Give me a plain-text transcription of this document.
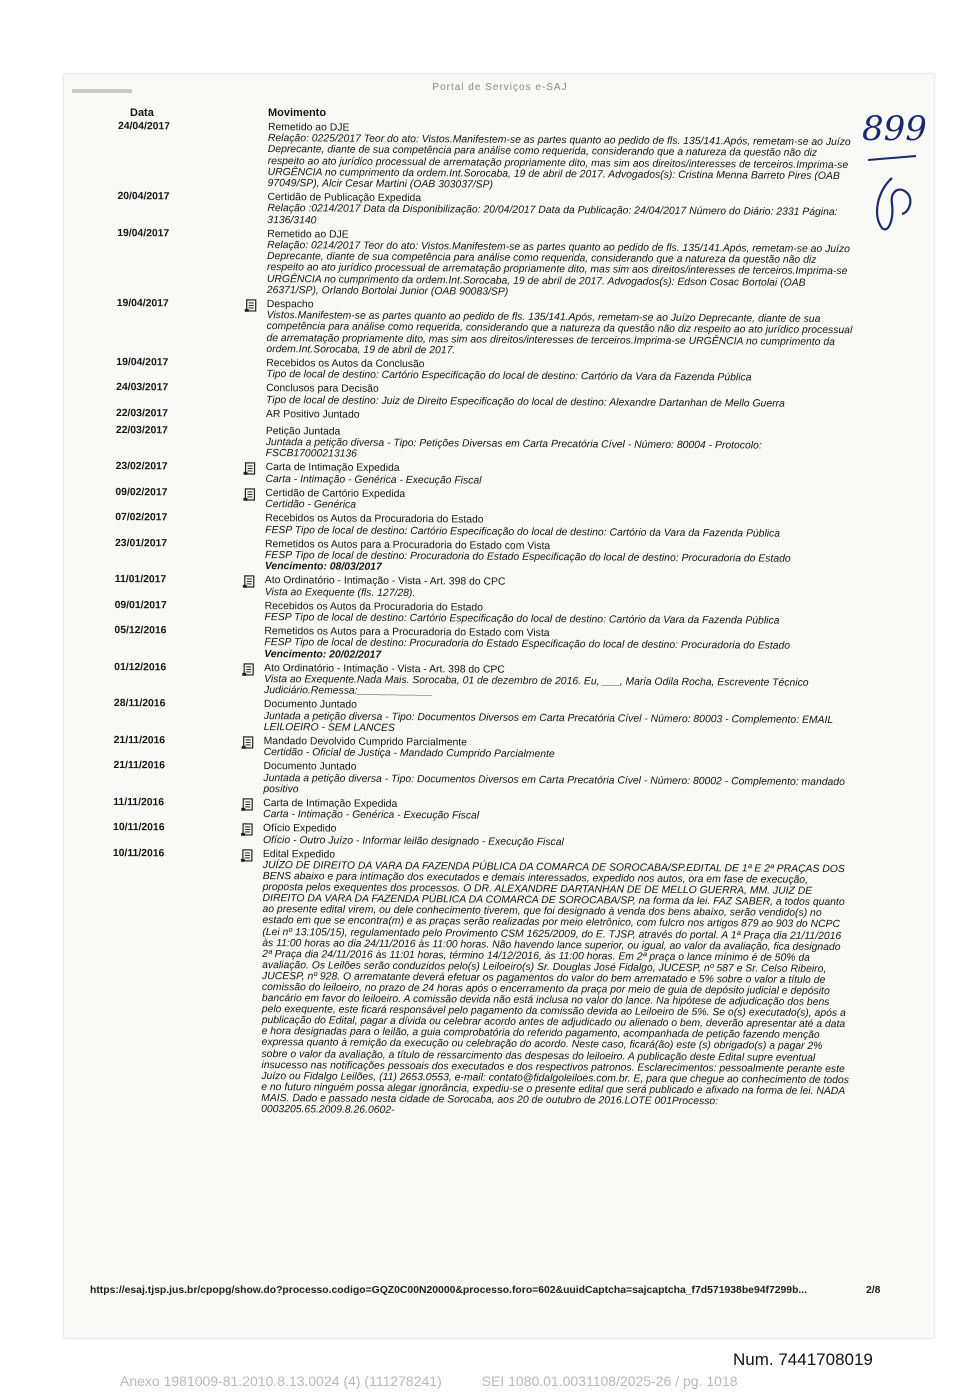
Portal de Serviços e-SAJ
Data	Movimento
24/04/2017	Remetido ao DJE
Relação: 0225/2017 Teor do ato: Vistos.Manifestem-se as partes quanto ao pedido de fls. 135/141.Após, remetam-se ao Juízo Deprecante, diante de sua competência para análise como requerida, considerando que a natureza da questão não diz respeito ao ato jurídico processual de arrematação propriamente dito, mas sim aos direitos/interesses de terceiros.Imprima-se URGÊNCIA no cumprimento da ordem.Int.Sorocaba, 19 de abril de 2017. Advogados(s): Cristina Menna Barreto Pires (OAB 97049/SP), Alcir Cesar Martini (OAB 303037/SP)
20/04/2017	Certidão de Publicação Expedida
Relação :0214/2017 Data da Disponibilização: 20/04/2017 Data da Publicação: 24/04/2017 Número do Diário: 2331 Página: 3136/3140
19/04/2017	Remetido ao DJE
Relação: 0214/2017 Teor do ato: Vistos.Manifestem-se as partes quanto ao pedido de fls. 135/141.Após, remetam-se ao Juízo Deprecante, diante de sua competência para análise como requerida, considerando que a natureza da questão não diz respeito ao ato jurídico processual de arrematação propriamente dito, mas sim aos direitos/interesses de terceiros.Imprima-se URGÊNCIA no cumprimento da ordem.Int.Sorocaba, 19 de abril de 2017. Advogados(s): Edson Cosac Bortolai (OAB 26371/SP), Orlando Bortolai Junior (OAB 90083/SP)
19/04/2017	Despacho
Vistos.Manifestem-se as partes quanto ao pedido de fls. 135/141.Após, remetam-se ao Juízo Deprecante, diante de sua competência para análise como requerida, considerando que a natureza da questão não diz respeito ao ato jurídico processual de arrematação propriamente dito, mas sim aos direitos/interesses de terceiros.Imprima-se URGÊNCIA no cumprimento da ordem.Int.Sorocaba, 19 de abril de 2017.
19/04/2017	Recebidos os Autos da Conclusão
Tipo de local de destino: Cartório Especificação do local de destino: Cartório da Vara da Fazenda Pública
24/03/2017	Conclusos para Decisão
Tipo de local de destino: Juiz de Direito Especificação do local de destino: Alexandre Dartanhan de Mello Guerra
22/03/2017	AR Positivo Juntado
22/03/2017	Petição Juntada
Juntada a petição diversa - Tipo: Petições Diversas em Carta Precatória Cível - Número: 80004 - Protocolo: FSCB17000213136
23/02/2017	Carta de Intimação Expedida
Carta - Intimação - Genérica - Execução Fiscal
09/02/2017	Certidão de Cartório Expedida
Certidão - Genérica
07/02/2017	Recebidos os Autos da Procuradoria do Estado
FESP Tipo de local de destino: Cartório Especificação do local de destino: Cartório da Vara da Fazenda Pública
23/01/2017	Remetidos os Autos para a Procuradoria do Estado com Vista
FESP Tipo de local de destino: Procuradoria do Estado Especificação do local de destino: Procuradoria do Estado
Vencimento: 08/03/2017
11/01/2017	Ato Ordinatório - Intimação - Vista - Art. 398 do CPC
Vista ao Exequente (fls. 127/28).
09/01/2017	Recebidos os Autos da Procuradoria do Estado
FESP Tipo de local de destino: Cartório Especificação do local de destino: Cartório da Vara da Fazenda Pública
05/12/2016	Remetidos os Autos para a Procuradoria do Estado com Vista
FESP Tipo de local de destino: Procuradoria do Estado Especificação do local de destino: Procuradoria do Estado
Vencimento: 20/02/2017
01/12/2016	Ato Ordinatório - Intimação - Vista - Art. 398 do CPC
Vista ao Exequente.Nada Mais. Sorocaba, 01 de dezembro de 2016. Eu, ___, Maria Odila Rocha, Escrevente Técnico Judiciário.Remessa:_____________
28/11/2016	Documento Juntado
Juntada a petição diversa - Tipo: Documentos Diversos em Carta Precatória Cível - Número: 80003 - Complemento: EMAIL LEILOEIRO - SEM LANCES
21/11/2016	Mandado Devolvido Cumprido Parcialmente
Certidão - Oficial de Justiça - Mandado Cumprido Parcialmente
21/11/2016	Documento Juntado
Juntada a petição diversa - Tipo: Documentos Diversos em Carta Precatória Cível - Número: 80002 - Complemento: mandado positivo
11/11/2016	Carta de Intimação Expedida
Carta - Intimação - Genérica - Execução Fiscal
10/11/2016	Ofício Expedido
Ofício - Outro Juízo - Informar leilão designado - Execução Fiscal
10/11/2016	Edital Expedido
JUÍZO DE DIREITO DA VARA DA FAZENDA PÚBLICA DA COMARCA DE SOROCABA/SP.EDITAL DE 1ª E 2ª PRAÇAS DOS BENS abaixo e para intimação dos executados e demais interessados, expedido nos autos, ora em fase de execução, proposta pelos exequentes dos processos. O DR. ALEXANDRE DARTANHAN DE DE MELLO GUERRA, MM. JUIZ DE DIREITO DA VARA DA FAZENDA PÚBLICA DA COMARCA DE SOROCABA/SP, na forma da lei. FAZ SABER, a todos quanto ao presente edital virem, ou dele conhecimento tiverem, que foi designado à venda dos bens abaixo, serão vendido(s) no estado em que se encontra(m) e as praças serão realizadas por meio eletrônico, com fulcro nos artigos 879 ao 903 do NCPC (Lei nº 13.105/15), regulamentado pelo Provimento CSM 1625/2009, do E. TJSP, através do portal. A 1ª Praça dia 21/11/2016 às 11:00 horas ao dia 24/11/2016 às 11:00 horas. Não havendo lance superior, ou igual, ao valor da avaliação, fica designado 2ª Praça dia 24/11/2016 às 11:01 horas, término 14/12/2016, às 11:00 horas. Em 2ª praça o lance mínimo é de 50% da avaliação. Os Leilões serão conduzidos pelo(s) Leiloeiro(s) Sr. Douglas José Fidalgo, JUCESP, nº 587 e Sr. Celso Ribeiro, JUCESP, nº 928. O arrematante deverá efetuar os pagamentos do valor do bem arrematado e 5% sobre o valor a título de comissão do leiloeiro, no prazo de 24 horas após o encerramento da praça por meio de guia de depósito judicial e depósito bancário em favor do leiloeiro. A comissão devida não está inclusa no valor do lance. Na hipótese de adjudicação dos bens pelo exequente, este ficará responsável pelo pagamento da comissão devida ao Leiloeiro de 5%. Se o(s) executado(s), após a publicação do Edital, pagar a dívida ou celebrar acordo antes de adjudicado ou alienado o bem, deverão apresentar até a data e hora designadas para o leilão, a guia comprobatória do referido pagamento, acompanhada de petição fazendo menção expressa quanto à remição da execução ou celebração do acordo. Neste caso, ficará(ão) este (s) obrigado(s) a pagar 2% sobre o valor da avaliação, a título de ressarcimento das despesas do leiloeiro. A publicação deste Edital supre eventual insucesso nas notificações pessoais dos executados e dos respectivos patronos. Esclarecimentos: pessoalmente perante este Juízo ou Fidalgo Leilões, (11) 2653.0553, e-mail: contato@fidalgoleiloes.com.br. E, para que chegue ao conhecimento de todos e no futuro ninguém possa alegar ignorância, expediu-se o presente edital que será publicado e afixado na forma de lei. NADA MAIS. Dado e passado nesta cidade de Sorocaba, aos 20 de outubro de 2016.LOTE 001Processo: 0003205.65.2009.8.26.0602-
899
https://esaj.tjsp.jus.br/cpopg/show.do?processo.codigo=GQZ0C00N20000&processo.foro=602&uuidCaptcha=sajcaptcha_f7d571938be94f7299b...	2/8
Num. 7441708019
Anexo 1981009-81.2010.8.13.0024 (4) (111278241)	SEI 1080.01.0031108/2025-26 / pg. 1018
